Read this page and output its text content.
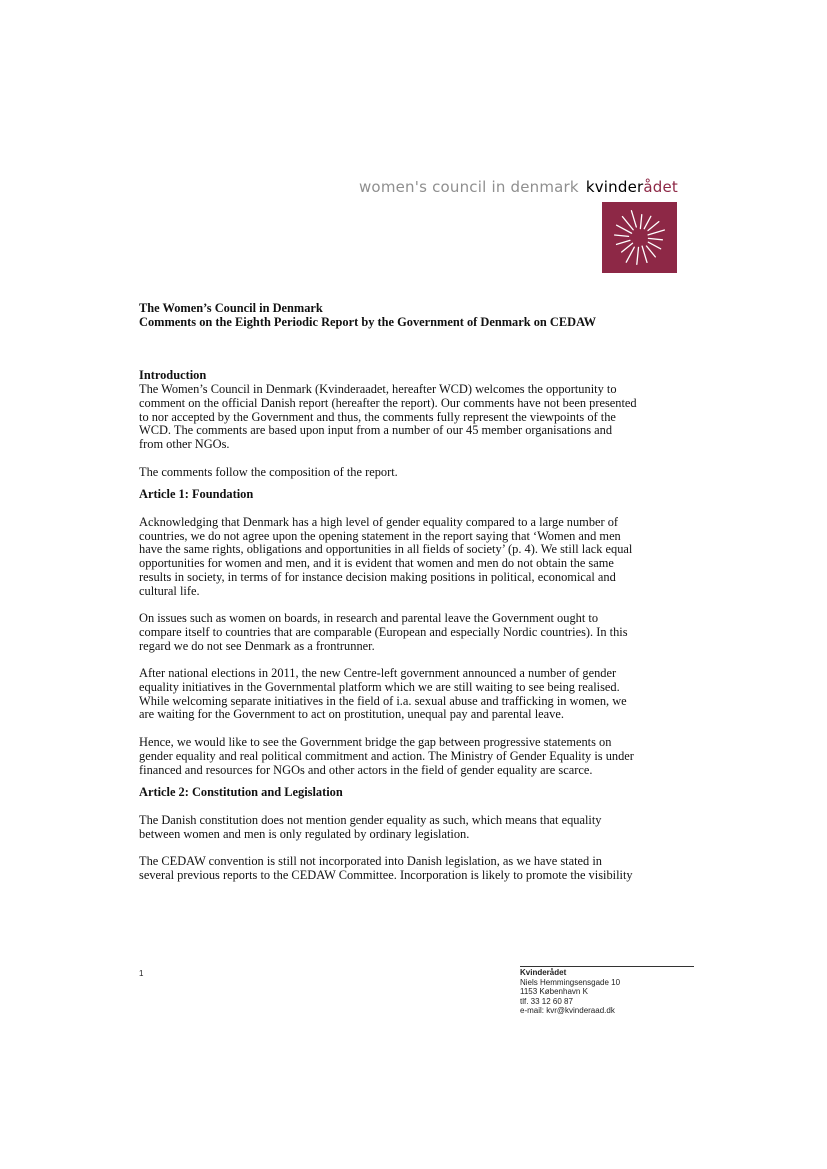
women's council in denmark kvinderådet

The Women’s Council in Denmark

Comments on the Eighth Periodic Report by the Government of Denmark on CEDAW

Introduction

The Women’s Council in Denmark (Kvinderaadet, hereafter WCD) welcomes the opportunity to comment on the official Danish report (hereafter the report). Our comments have not been presented to nor accepted by the Government and thus, the comments fully represent the viewpoints of the WCD. The comments are based upon input from a number of our 45 member organisations and from other NGOs.

The comments follow the composition of the report.

Article 1: Foundation

Acknowledging that Denmark has a high level of gender equality compared to a large number of countries, we do not agree upon the opening statement in the report saying that ‘Women and men have the same rights, obligations and opportunities in all fields of society’ (p. 4). We still lack equal opportunities for women and men, and it is evident that women and men do not obtain the same results in society, in terms of for instance decision making positions in political, economical and cultural life.

On issues such as women on boards, in research and parental leave the Government ought to compare itself to countries that are comparable (European and especially Nordic countries). In this regard we do not see Denmark as a frontrunner.

After national elections in 2011, the new Centre-left government announced a number of gender equality initiatives in the Governmental platform which we are still waiting to see being realised. While welcoming separate initiatives in the field of i.a. sexual abuse and trafficking in women, we are waiting for the Government to act on prostitution, unequal pay and parental leave.

Hence, we would like to see the Government bridge the gap between progressive statements on gender equality and real political commitment and action. The Ministry of Gender Equality is under financed and resources for NGOs and other actors in the field of gender equality are scarce.

Article 2: Constitution and Legislation

The Danish constitution does not mention gender equality as such, which means that equality between women and men is only regulated by ordinary legislation.

The CEDAW convention is still not incorporated into Danish legislation, as we have stated in several previous reports to the CEDAW Committee. Incorporation is likely to promote the visibility

1	Kvinderådet
Niels Hemmingsensgade 10
1153 København K
tlf. 33 12 60 87
e-mail: kvr@kvinderaad.dk
